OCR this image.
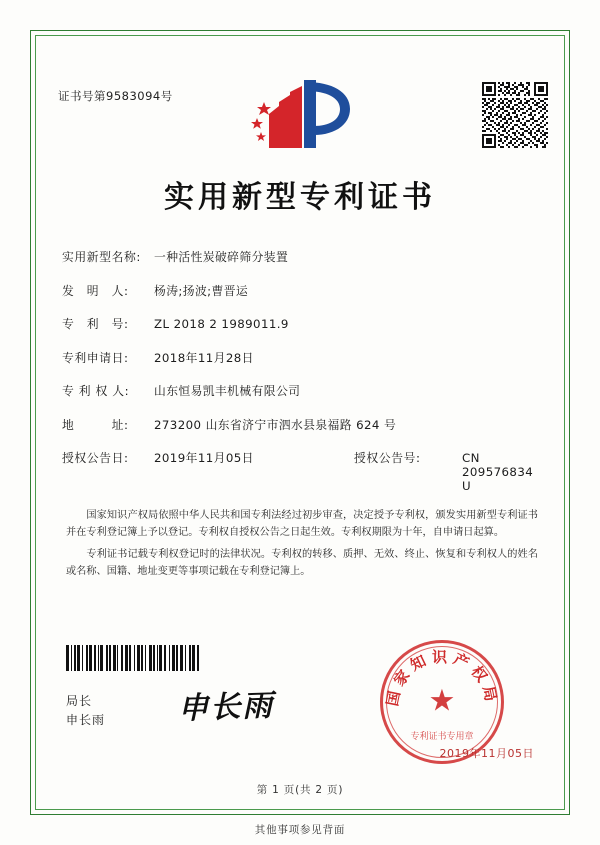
证书号第9583094号
实用新型专利证书
实用新型名称:	一种活性炭破碎筛分装置
发　明　人:	杨涛;扬波;曹晋运
专　利　号:	ZL 2018 2 1989011.9
专利申请日:	2018年11月28日
专 利 权 人:	山东恒易凯丰机械有限公司
地　　　址:	273200 山东省济宁市泗水县泉福路 624 号
授权公告日:	2019年11月05日	授权公告号:	CN 209576834 U

国家知识产权局依照中华人民共和国专利法经过初步审查，决定授予专利权，颁发实用新型专利证书并在专利登记簿上予以登记。专利权自授权公告之日起生效。专利权期限为十年，自申请日起算。

专利证书记载专利权登记时的法律状况。专利权的转移、质押、无效、终止、恢复和专利权人的姓名或名称、国籍、地址变更等事项记载在专利登记簿上。

国家知识产权局
★
专利证书专用章
局长
申长雨 申长雨
2019年11月05日
第 1 页(共 2 页)
其他事项参见背面
